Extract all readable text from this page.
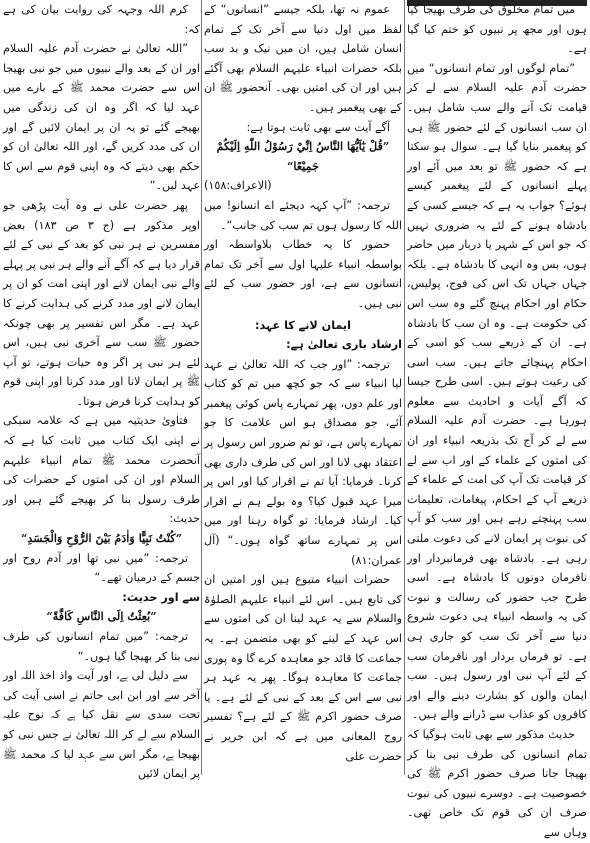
میں تمام مخلوق کی طرف بھیجا گیا ہوں اور مجھ پر نبیوں کو ختم کیا گیا ہے۔

”تمام لوگوں اور تمام انسانوں“ میں حضرت آدم علیہ السلام سے لے کر قیامت تک آنے والے سب شامل ہیں۔ ان سب انسانوں کے لئے حضور ﷺ ہی کو پیغمبر بنایا گیا ہے۔ سوال ہو سکتا ہے کہ حضور ﷺ تو بعد میں آئے اور پہلے انسانوں کے لئے پیغمبر کیسے ہوئے؟ جواب یہ ہے کہ جیسے کسی کے بادشاہ ہونے کے لئے یہ ضروری نہیں کہ جو اس کے شہر یا دربار میں حاضر ہوں، بس وہ انہی کا بادشاہ ہے۔ بلکہ جہاں جہاں تک اس کی فوج، پولیس، حکام اور احکام پہنچ گئے وہ سب اس کی حکومت ہے۔ وہ ان سب کا بادشاہ ہے۔ ان کے ذریعے سب کو اسی کے احکام پہنچائے جاتے ہیں۔ سب اسی کی رعیت ہوتے ہیں۔ اسی طرح جیسا کہ آگے آیات و احادیث سے معلوم ہورہا ہے۔ حضرت آدم علیہ السلام سے لے کر آج تک بذریعہ انبیاء اور ان کی امتوں کے علماء کے اور اب سے لے کر قیامت تک آپ کی امت کے علماء کے ذریعے آپ کے احکام، پیغامات، تعلیمات سب پہنچتے رہے ہیں اور سب کو آپ کی نبوت پر ایمان لانے کی دعوت ملتی رہی ہے۔ بادشاہ بھی فرمانبردار اور نافرمان دونوں کا بادشاہ ہے۔ اسی طرح جب حضور کی رسالت و نبوت کی یہ واسطہ انبیاء ہی دعوت شروع دنیا سے آخر تک سب کو جاری ہی ہے۔ تو فرماں بردار اور نافرمان سب کے لئے آپ نبی اور رسول ہیں۔ سب ایمان والوں کو بشارت دینے والے اور کافروں کو عذاب سے ڈرانے والے ہیں۔

حدیث مذکور سے بھی ثابت ہوگیا کہ تمام انسانوں کی طرف نبی بنا کر بھیجا جانا صرف حضور اکرم ﷺ کی خصوصیت ہے۔ دوسرے نبیوں کی نبوت صرف ان کی قوم تک خاص تھی۔ وہاں سے

عموم نہ تھا، بلکہ جیسے ”انسانوں“ کے لفظ میں اول دنیا سے آخر تک کے تمام انسان شامل ہیں، ان میں نیک و بد سب بلکہ حضرات انبیاء علیہم السلام بھی آگئے ہیں اور ان کی امتیں بھی۔ آنحضور ﷺ ان کے بھی پیغمبر ہیں۔

آگے آیت سے بھی ثابت ہوتا ہے:

”قُلْ يٰٓاَيُّهَا النَّاسُ اِنِّيْ رَسُوْلُ اللّٰهِ اِلَيْكُمْ جَمِيْعًا“

(الاعراف:١٥٨)

ترجمہ: ”آپ کہہ دیجئے اے انسانو! میں اللہ کا رسول ہوں تم سب کی جانب“۔

حضور کا یہ خطاب بلاواسطہ اور بواسطہ انبیاء علیہا اول سے آخر تک تمام انسانوں سے ہے، اور حضور سب کے لئے نبی ہیں۔

ایمان لانے کا عہد:

ارشاد باری تعالیٰ ہے:

ترجمہ: ”اور جب کہ اللہ تعالیٰ نے عہد لیا انبیاء سے کہ جو کچھ میں تم کو کتاب اور علم دوں، پھر تمہارے پاس کوئی پیغمبر آئے، جو مصداق ہو اس علامت کا جو تمہارے پاس ہے، تو تم ضرور اس رسول پر اعتقاد بھی لانا اور اس کی طرف داری بھی کرنا۔ فرمایا: آیا تم نے اقرار کیا اور اس پر میرا عہد قبول کیا؟ وہ بولے ہم نے اقرار کیا۔ ارشاد فرمایا: تو گواہ رہنا اور میں اس پر تمہارے ساتھ گواہ ہوں۔“ (آل عمران:٨١)

حضرات انبیاء متبوع ہیں اور امتیں ان کی تابع ہیں۔ اس لئے انبیاء علیہم الصلوٰۃ والسلام سے یہ عہد لینا ان کی امتوں سے اس عہد کے لینے کو بھی متضمن ہے۔ یہ جماعت کا قائد جو معاہدہ کرے گا وہ پوری جماعت کا معاہدہ ہوگا۔ پھر یہ عہد ہر نبی سے اس کے بعد کے نبی کے لئے ہے۔ یا صرف حضور اکرم ﷺ کے لئے ہے؟ تفسیر روح المعانی میں ہے کہ ابن جریر نے حضرت علی

کرم اللہ وجہہ کی روایت بیان کی ہے کہ:

”اللہ تعالیٰ نے حضرت آدم علیہ السلام اور ان کے بعد والے نبیوں میں جو نبی بھیجا اس سے حضرت محمد ﷺ کے بارے میں عہد لیا کہ اگر وہ ان کی زندگی میں بھیجے گئے تو یہ ان پر ایمان لائیں گے اور ان کی مدد کریں گے، اور اللہ تعالیٰ ان کو حکم بھی دیتے کہ وہ اپنی قوم سے اس کا عہد لیں۔“

پھر حضرت علی نے وہ آیت پڑھی جو اوپر مذکور ہے (ج ٣ ص ١٨٣) بعض مفسرین نے ہر نبی کو بعد کے نبی کے لئے قرار دیا ہے کہ آگے آنے والے ہر نبی پر پہلے والے نبی ایمان لانے اور اپنی امت کو ان پر ایمان لانے اور مدد کرنے کی ہدایت کرنے کا عہد ہے۔ مگر اس تفسیر پر بھی چونکہ حضور ﷺ سب سے آخری نبی ہیں، اس لئے ہر نبی پر اگر وہ حیات ہوتے، تو آپ ﷺ پر ایمان لانا اور مدد کرنا اور اپنی قوم کو ہدایت کرنا فرض ہوتا۔

فتاویٰ حدیثیہ میں ہے کہ علامہ سبکی نے اپنی ایک کتاب میں ثابت کیا ہے کہ آنحضرت محمد ﷺ تمام انبیاء علیہم السلام اور ان کی امتوں کے حضرات کی طرف رسول بنا کر بھیجے گئے ہیں اور حدیث:

”كُنْتُ نَبِيًّا وَاٰدَمُ بَيْنَ الرُّوْحِ وَالْجَسَدِ“

ترجمہ: ”میں نبی تھا اور آدم روح اور جسم کے درمیان تھے۔“

سے اور حدیث:

”بُعِثْتُ اِلَى النَّاسِ كَافَّةً“

ترجمہ: ”میں تمام انسانوں کی طرف نبی بنا کر بھیجا گیا ہوں۔“

سے دلیل لی ہے، اور آیت واذ اخذ اللہ اور آخر سے اور ابن ابی حاتم نے اسی آیت کی تحت سدی سے نقل کیا ہے کہ نوح علیہ السلام سے لے کر اللہ تعالیٰ نے جس نبی کو بھیجا ہے، مگر اس سے عہد لیا کہ محمد ﷺ پر ایمان لائیں
